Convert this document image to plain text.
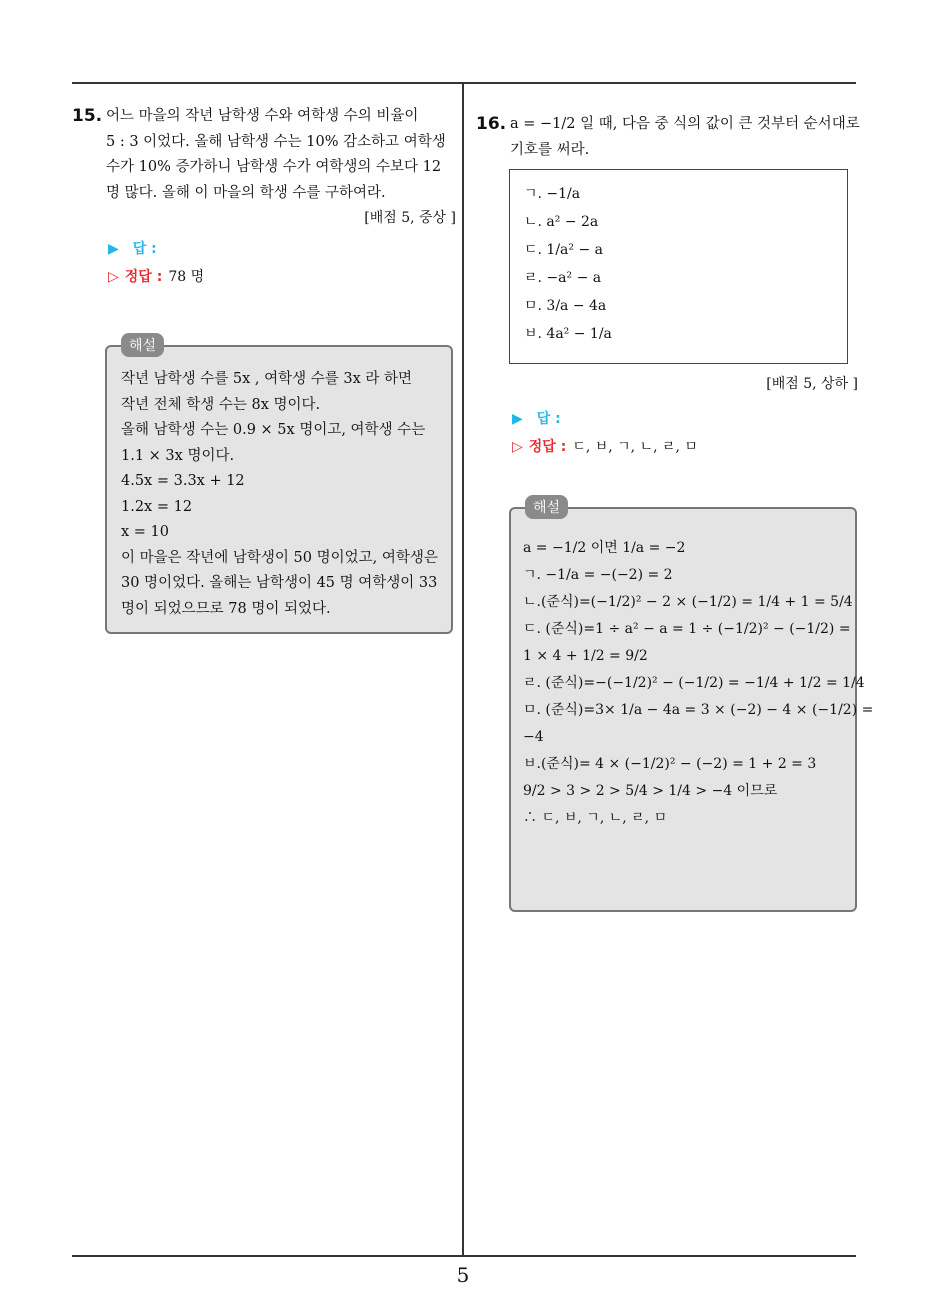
15. 어느 마을의 작년 남학생 수와 여학생 수의 비율이
5 : 3 이었다. 올해 남학생 수는 10% 감소하고 여학생
수가 10% 증가하니 남학생 수가 여학생의 수보다 12
명 많다. 올해 이 마을의 학생 수를 구하여라.
[배점 5, 중상 ]
▶ 답 :
▷ 정답 : 78 명
해설
작년 남학생 수를 5x , 여학생 수를 3x 라 하면
작년 전체 학생 수는 8x 명이다.
올해 남학생 수는 0.9 × 5x 명이고, 여학생 수는
1.1 × 3x 명이다.
4.5x = 3.3x + 12
1.2x = 12
x = 10
이 마을은 작년에 남학생이 50 명이었고, 여학생은
30 명이었다. 올해는 남학생이 45 명 여학생이 33
명이 되었으므로 78 명이 되었다.
16. a = −1/2 일 때, 다음 중 식의 값이 큰 것부터 순서대로
기호를 써라.
ㄱ. −1/a
ㄴ. a² − 2a
ㄷ. 1/a² − a
ㄹ. −a² − a
ㅁ. 3/a − 4a
ㅂ. 4a² − 1/a
[배점 5, 상하 ]
▶ 답 :
▷ 정답 : ㄷ, ㅂ, ㄱ, ㄴ, ㄹ, ㅁ
해설
a = −1/2 이면 1/a = −2
ㄱ. −1/a = −(−2) = 2
ㄴ.(준식)=(−1/2)² − 2 × (−1/2) = 1/4 + 1 = 5/4
ㄷ. (준식)=1 ÷ a² − a = 1 ÷ (−1/2)² − (−1/2) =
1 × 4 + 1/2 = 9/2
ㄹ. (준식)=−(−1/2)² − (−1/2) = −1/4 + 1/2 = 1/4
ㅁ. (준식)=3× 1/a − 4a = 3 × (−2) − 4 × (−1/2) =
−4
ㅂ.(준식)= 4 × (−1/2)² − (−2) = 1 + 2 = 3
9/2 > 3 > 2 > 5/4 > 1/4 > −4 이므로
∴ ㄷ, ㅂ, ㄱ, ㄴ, ㄹ, ㅁ
5
